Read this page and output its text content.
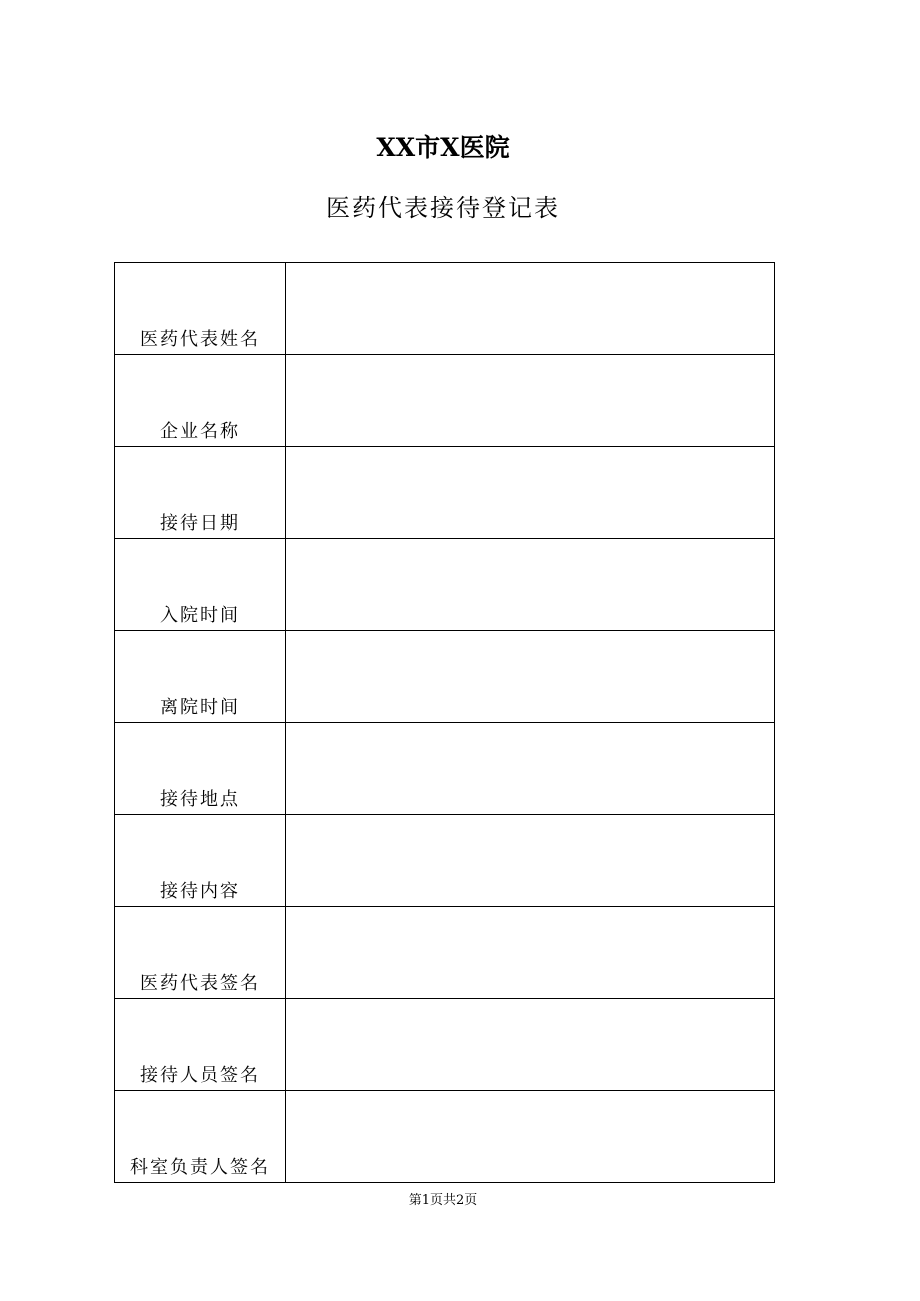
XX市X医院
医药代表接待登记表
医药代表姓名	
企业名称	
接待日期	
入院时间	
离院时间	
接待地点	
接待内容	
医药代表签名	
接待人员签名	
科室负责人签名	
第1页共2页
